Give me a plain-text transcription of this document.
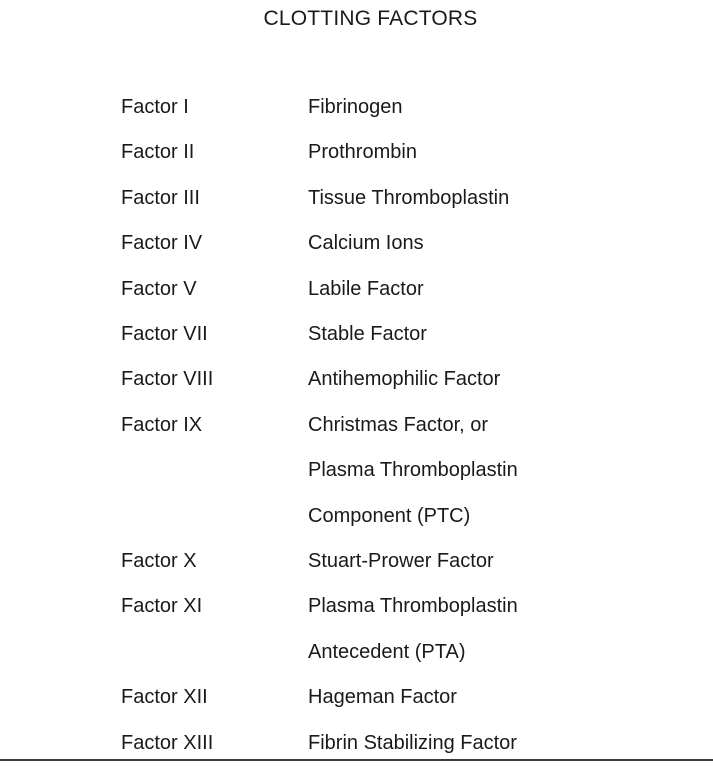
CLOTTING FACTORS
Factor I	Fibrinogen
Factor II	Prothrombin
Factor III	Tissue Thromboplastin
Factor IV	Calcium Ions
Factor V	Labile Factor
Factor VII	Stable Factor
Factor VIII	Antihemophilic Factor
Factor IX	Christmas Factor, or
Plasma Thromboplastin
Component (PTC)
Factor X	Stuart-Prower Factor
Factor XI	Plasma Thromboplastin
Antecedent (PTA)
Factor XII	Hageman Factor
Factor XIII	Fibrin Stabilizing Factor
